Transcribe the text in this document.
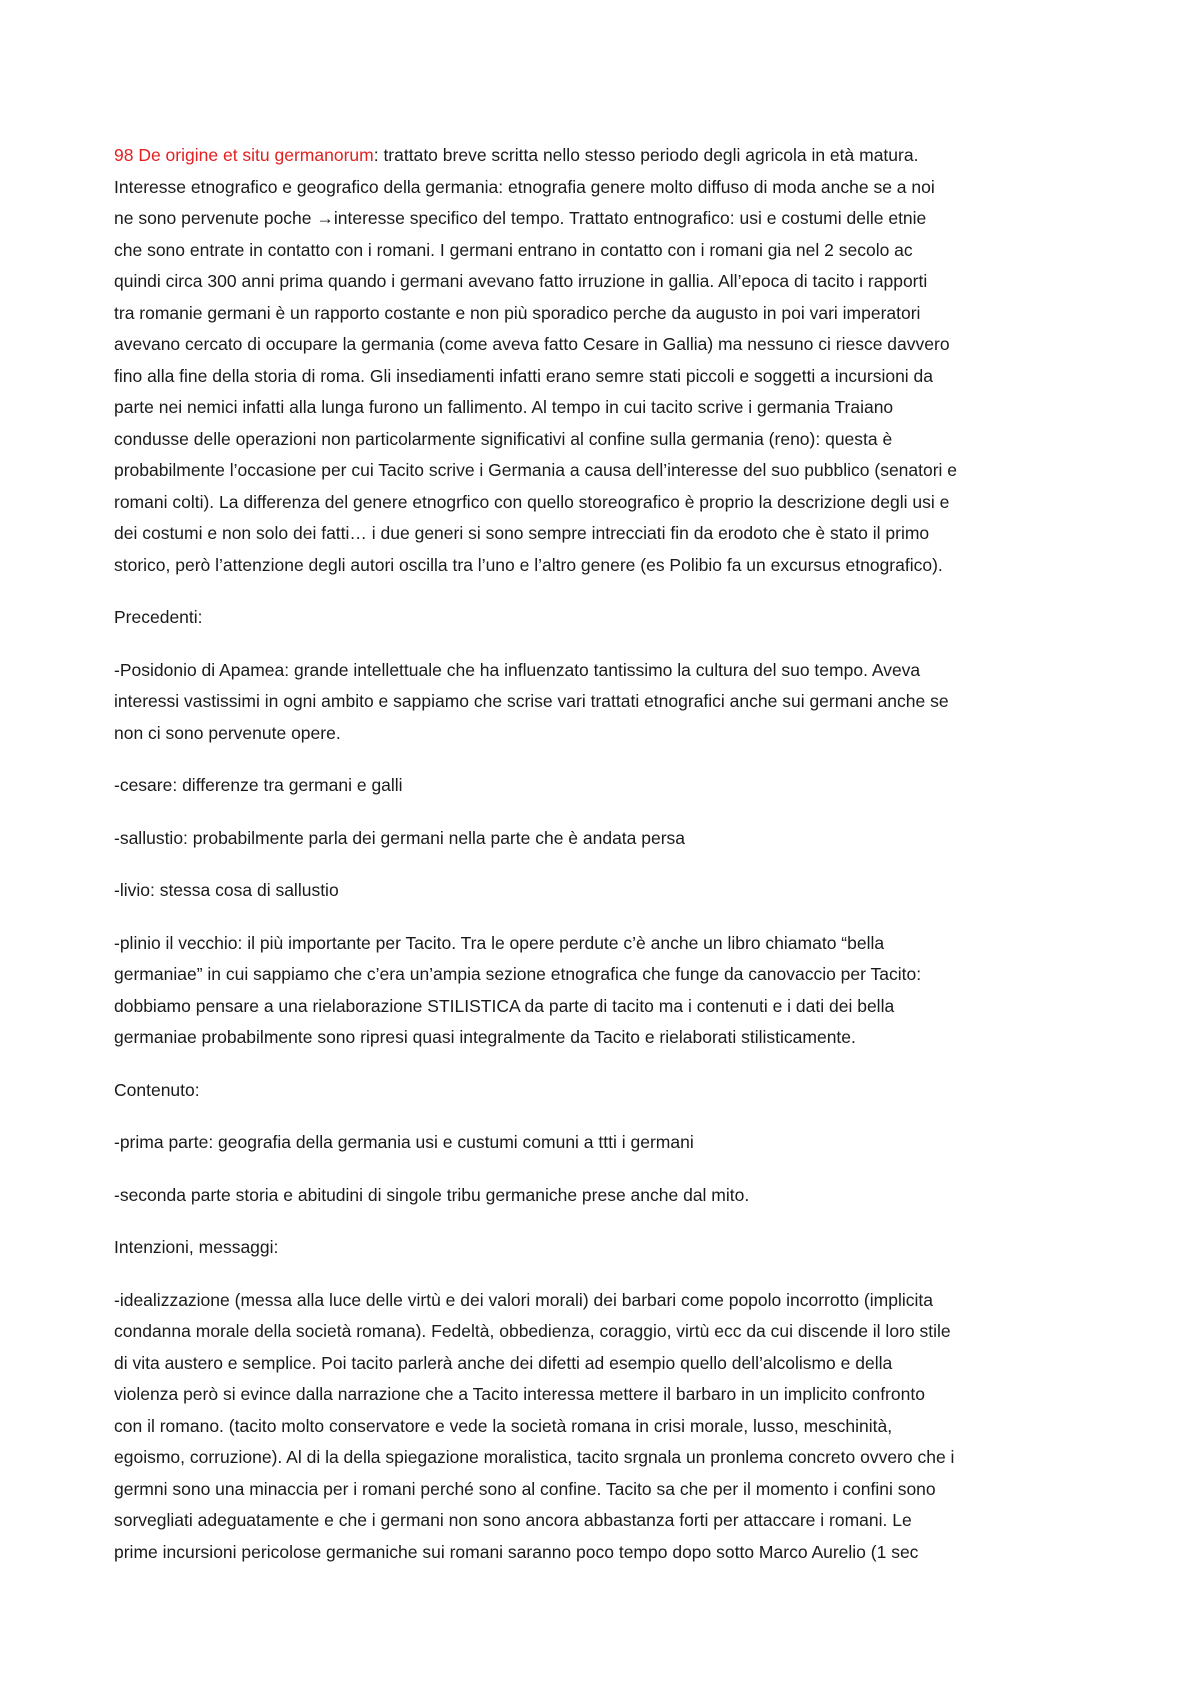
98 De origine et situ germanorum: trattato breve scritta nello stesso periodo degli agricola in età matura.
Interesse etnografico e geografico della germania: etnografia genere molto diffuso di moda anche se a noi
ne sono pervenute poche →interesse specifico del tempo. Trattato entnografico: usi e costumi delle etnie
che sono entrate in contatto con i romani. I germani entrano in contatto con i romani gia nel 2 secolo ac
quindi circa 300 anni prima quando i germani avevano fatto irruzione in gallia. All’epoca di tacito i rapporti
tra romanie germani è un rapporto costante e non più sporadico perche da augusto in poi vari imperatori
avevano cercato di occupare la germania (come aveva fatto Cesare in Gallia) ma nessuno ci riesce davvero
fino alla fine della storia di roma. Gli insediamenti infatti erano semre stati piccoli e soggetti a incursioni da
parte nei nemici infatti alla lunga furono un fallimento. Al tempo in cui tacito scrive i germania Traiano
condusse delle operazioni non particolarmente significativi al confine sulla germania (reno): questa è
probabilmente l’occasione per cui Tacito scrive i Germania a causa dell’interesse del suo pubblico (senatori e
romani colti). La differenza del genere etnogrfico con quello storeografico è proprio la descrizione degli usi e
dei costumi e non solo dei fatti… i due generi si sono sempre intrecciati fin da erodoto che è stato il primo
storico, però l’attenzione degli autori oscilla tra l’uno e l’altro genere (es Polibio fa un excursus etnografico).

Precedenti:

-Posidonio di Apamea: grande intellettuale che ha influenzato tantissimo la cultura del suo tempo. Aveva
interessi vastissimi in ogni ambito e sappiamo che scrise vari trattati etnografici anche sui germani anche se
non ci sono pervenute opere.

-cesare: differenze tra germani e galli

-sallustio: probabilmente parla dei germani nella parte che è andata persa

-livio: stessa cosa di sallustio

-plinio il vecchio: il più importante per Tacito. Tra le opere perdute c’è anche un libro chiamato “bella
germaniae” in cui sappiamo che c’era un’ampia sezione etnografica che funge da canovaccio per Tacito:
dobbiamo pensare a una rielaborazione STILISTICA da parte di tacito ma i contenuti e i dati dei bella
germaniae probabilmente sono ripresi quasi integralmente da Tacito e rielaborati stilisticamente.

Contenuto:

-prima parte: geografia della germania usi e custumi comuni a ttti i germani

-seconda parte storia e abitudini di singole tribu germaniche prese anche dal mito.

Intenzioni, messaggi:

-idealizzazione (messa alla luce delle virtù e dei valori morali) dei barbari come popolo incorrotto (implicita
condanna morale della società romana). Fedeltà, obbedienza, coraggio, virtù ecc da cui discende il loro stile
di vita austero e semplice. Poi tacito parlerà anche dei difetti ad esempio quello dell’alcolismo e della
violenza però si evince dalla narrazione che a Tacito interessa mettere il barbaro in un implicito confronto
con il romano. (tacito molto conservatore e vede la società romana in crisi morale, lusso, meschinità,
egoismo, corruzione). Al di la della spiegazione moralistica, tacito srgnala un pronlema concreto ovvero che i
germni sono una minaccia per i romani perché sono al confine. Tacito sa che per il momento i confini sono
sorvegliati adeguatamente e che i germani non sono ancora abbastanza forti per attaccare i romani. Le
prime incursioni pericolose germaniche sui romani saranno poco tempo dopo sotto Marco Aurelio (1 sec
